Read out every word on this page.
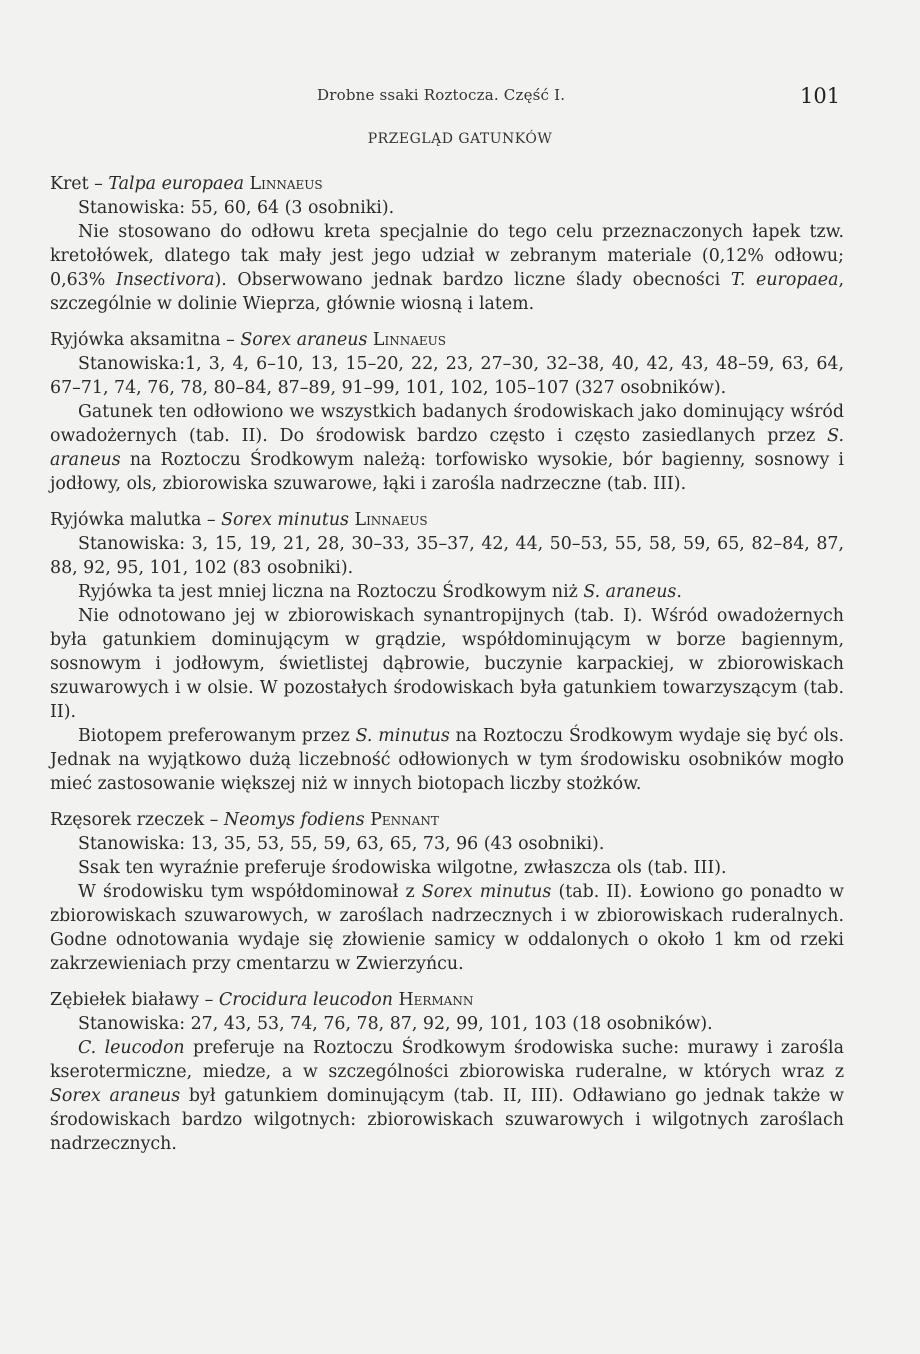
Drobne ssaki Roztocza. Część I.	101
PRZEGLĄD GATUNKÓW

Kret – Talpa europaea Linnaeus

Stanowiska: 55, 60, 64 (3 osobniki).

Nie stosowano do odłowu kreta specjalnie do tego celu przeznaczonych łapek tzw. kretołówek, dlatego tak mały jest jego udział w zebranym materiale (0,12% odłowu; 0,63% Insectivora). Obserwowano jednak bardzo liczne ślady obecności T. europaea, szczególnie w dolinie Wieprza, głównie wiosną i latem.

Ryjówka aksamitna – Sorex araneus Linnaeus

Stanowiska:1, 3, 4, 6–10, 13, 15–20, 22, 23, 27–30, 32–38, 40, 42, 43, 48–59, 63, 64, 67–71, 74, 76, 78, 80–84, 87–89, 91–99, 101, 102, 105–107 (327 osobników).

Gatunek ten odłowiono we wszystkich badanych środowiskach jako dominujący wśród owadożernych (tab. II). Do środowisk bardzo często i często zasiedlanych przez S. araneus na Roztoczu Środkowym należą: torfowisko wysokie, bór bagienny, sosnowy i jodłowy, ols, zbiorowiska szuwarowe, łąki i zarośla nadrzeczne (tab. III).

Ryjówka malutka – Sorex minutus Linnaeus

Stanowiska: 3, 15, 19, 21, 28, 30–33, 35–37, 42, 44, 50–53, 55, 58, 59, 65, 82–84, 87, 88, 92, 95, 101, 102 (83 osobniki).

Ryjówka ta jest mniej liczna na Roztoczu Środkowym niż S. araneus.

Nie odnotowano jej w zbiorowiskach synantropijnych (tab. I). Wśród owadożernych była gatunkiem dominującym w grądzie, współdominującym w borze bagiennym, sosnowym i jodłowym, świetlistej dąbrowie, buczynie karpackiej, w zbiorowiskach szuwarowych i w olsie. W pozostałych środowiskach była gatunkiem towarzyszącym (tab. II).

Biotopem preferowanym przez S. minutus na Roztoczu Środkowym wydaje się być ols. Jednak na wyjątkowo dużą liczebność odłowionych w tym środowisku osobników mogło mieć zastosowanie większej niż w innych biotopach liczby stożków.

Rzęsorek rzeczek – Neomys fodiens Pennant

Stanowiska: 13, 35, 53, 55, 59, 63, 65, 73, 96 (43 osobniki).

Ssak ten wyraźnie preferuje środowiska wilgotne, zwłaszcza ols (tab. III).

W środowisku tym współdominował z Sorex minutus (tab. II). Łowiono go ponadto w zbiorowiskach szuwarowych, w zaroślach nadrzecznych i w zbiorowiskach ruderalnych. Godne odnotowania wydaje się złowienie samicy w oddalonych o około 1 km od rzeki zakrzewieniach przy cmentarzu w Zwierzyńcu.

Zębiełek białawy – Crocidura leucodon Hermann

Stanowiska: 27, 43, 53, 74, 76, 78, 87, 92, 99, 101, 103 (18 osobników).

C. leucodon preferuje na Roztoczu Środkowym środowiska suche: murawy i zarośla kserotermiczne, miedze, a w szczególności zbiorowiska ruderalne, w których wraz z Sorex araneus był gatunkiem dominującym (tab. II, III). Odławiano go jednak także w środowiskach bardzo wilgotnych: zbiorowiskach szuwarowych i wilgotnych zaroślach nadrzecznych.
